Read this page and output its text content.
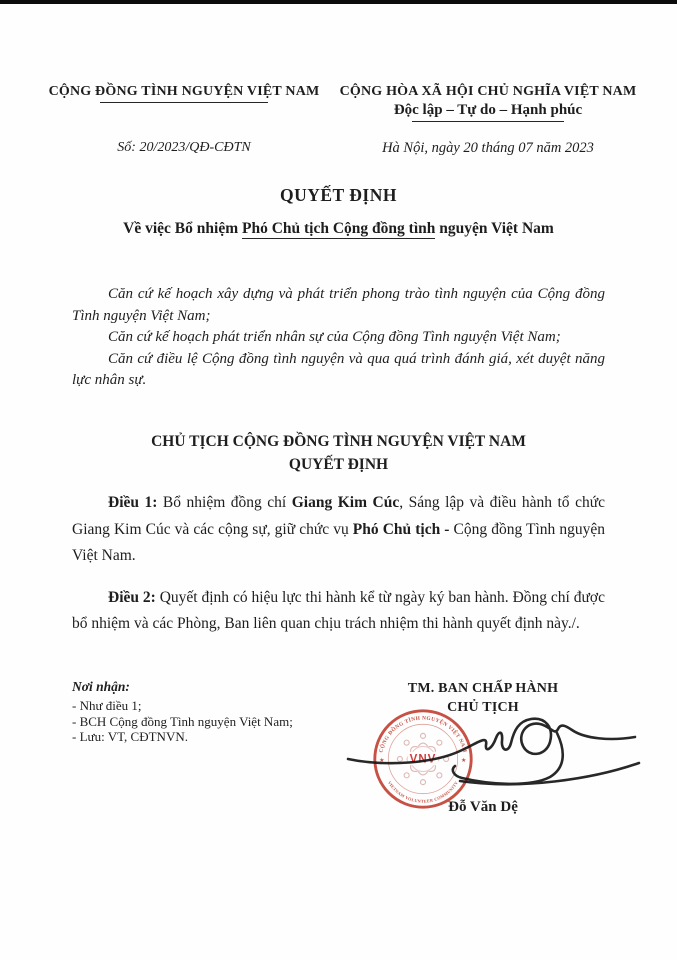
CỘNG ĐỒNG TÌNH NGUYỆN VIỆT NAM	CỘNG HÒA XÃ HỘI CHỦ NGHĨA VIỆT NAM
Độc lập – Tự do – Hạnh phúc
Số: 20/2023/QĐ-CĐTN	Hà Nội, ngày 20 tháng 07 năm 2023
QUYẾT ĐỊNH
Về việc Bổ nhiệm Phó Chủ tịch Cộng đồng tình nguyện Việt Nam

Căn cứ kế hoạch xây dựng và phát triển phong trào tình nguyện của Cộng đồng Tình nguyện Việt Nam;

Căn cứ kế hoạch phát triển nhân sự của Cộng đồng Tình nguyện Việt Nam;

Căn cứ điều lệ Cộng đồng tình nguyện và qua quá trình đánh giá, xét duyệt năng lực nhân sự.

CHỦ TỊCH CỘNG ĐỒNG TÌNH NGUYỆN VIỆT NAM
QUYẾT ĐỊNH

Điều 1: Bổ nhiệm đồng chí Giang Kim Cúc, Sáng lập và điều hành tổ chức Giang Kim Cúc và các cộng sự, giữ chức vụ Phó Chủ tịch - Cộng đồng Tình nguyện Việt Nam.

Điều 2: Quyết định có hiệu lực thi hành kể từ ngày ký ban hành. Đồng chí được bổ nhiệm và các Phòng, Ban liên quan chịu trách nhiệm thi hành quyết định này./.

Nơi nhận:
- Như điều 1;
- BCH Cộng đồng Tình nguyện Việt Nam;
- Lưu: VT, CĐTNVN.
TM. BAN CHẤP HÀNH
CHỦ TỊCH
CỘNG ĐỒNG TÌNH NGUYỆN VIỆT NAM
VIETNAM VOLUNTEER COMMUNITY
★	★
VNV
Đỗ Văn Dệ
